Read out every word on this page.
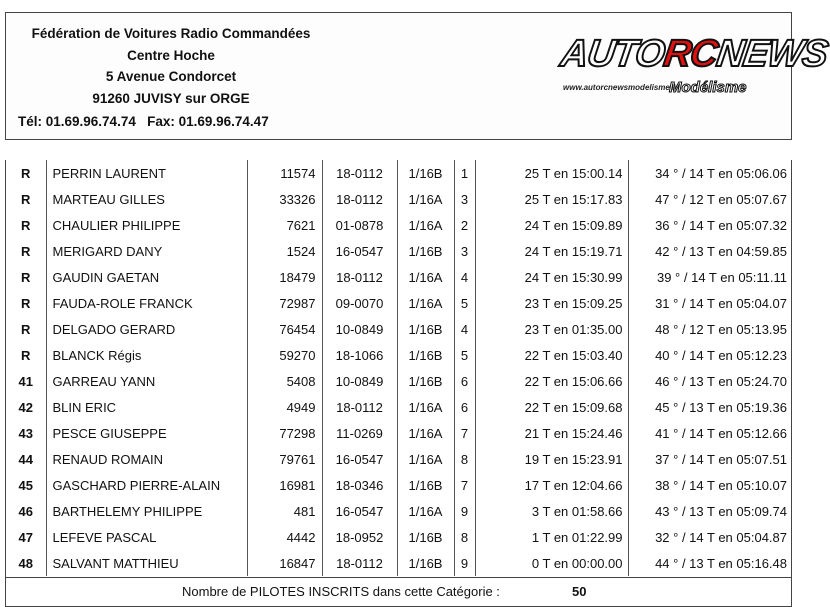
Fédération de Voitures Radio Commandées
Centre Hoche
5 Avenue Condorcet
91260 JUVISY sur ORGE
Tél: 01.69.96.74.74 Fax: 01.69.96.74.47
AUTORCNEWS
www.autorcnewsmodelisme.fr
Modélisme
R	PERRIN LAURENT	11574	18-0112	1/16B	1	25 T en 15:00.14	34 ° / 14 T en 05:06.06
R	MARTEAU GILLES	33326	18-0112	1/16A	3	25 T en 15:17.83	47 ° / 12 T en 05:07.67
R	CHAULIER PHILIPPE	7621	01-0878	1/16A	2	24 T en 15:09.89	36 ° / 14 T en 05:07.32
R	MERIGARD DANY	1524	16-0547	1/16B	3	24 T en 15:19.71	42 ° / 13 T en 04:59.85
R	GAUDIN GAETAN	18479	18-0112	1/16A	4	24 T en 15:30.99	39 ° / 14 T en 05:11.11
R	FAUDA-ROLE FRANCK	72987	09-0070	1/16A	5	23 T en 15:09.25	31 ° / 14 T en 05:04.07
R	DELGADO GERARD	76454	10-0849	1/16B	4	23 T en 01:35.00	48 ° / 12 T en 05:13.95
R	BLANCK Régis	59270	18-1066	1/16B	5	22 T en 15:03.40	40 ° / 14 T en 05:12.23
41	GARREAU YANN	5408	10-0849	1/16B	6	22 T en 15:06.66	46 ° / 13 T en 05:24.70
42	BLIN ERIC	4949	18-0112	1/16A	6	22 T en 15:09.68	45 ° / 13 T en 05:19.36
43	PESCE GIUSEPPE	77298	11-0269	1/16A	7	21 T en 15:24.46	41 ° / 14 T en 05:12.66
44	RENAUD ROMAIN	79761	16-0547	1/16A	8	19 T en 15:23.91	37 ° / 14 T en 05:07.51
45	GASCHARD PIERRE-ALAIN	16981	18-0346	1/16B	7	17 T en 12:04.66	38 ° / 14 T en 05:10.07
46	BARTHELEMY PHILIPPE	481	16-0547	1/16A	9	3 T en 01:58.66	43 ° / 13 T en 05:09.74
47	LEFEVE PASCAL	4442	18-0952	1/16B	8	1 T en 01:22.99	32 ° / 14 T en 05:04.87
48	SALVANT MATTHIEU	16847	18-0112	1/16B	9	0 T en 00:00.00	44 ° / 13 T en 05:16.48
Nombre de PILOTES INSCRITS dans cette Catégorie :	50
